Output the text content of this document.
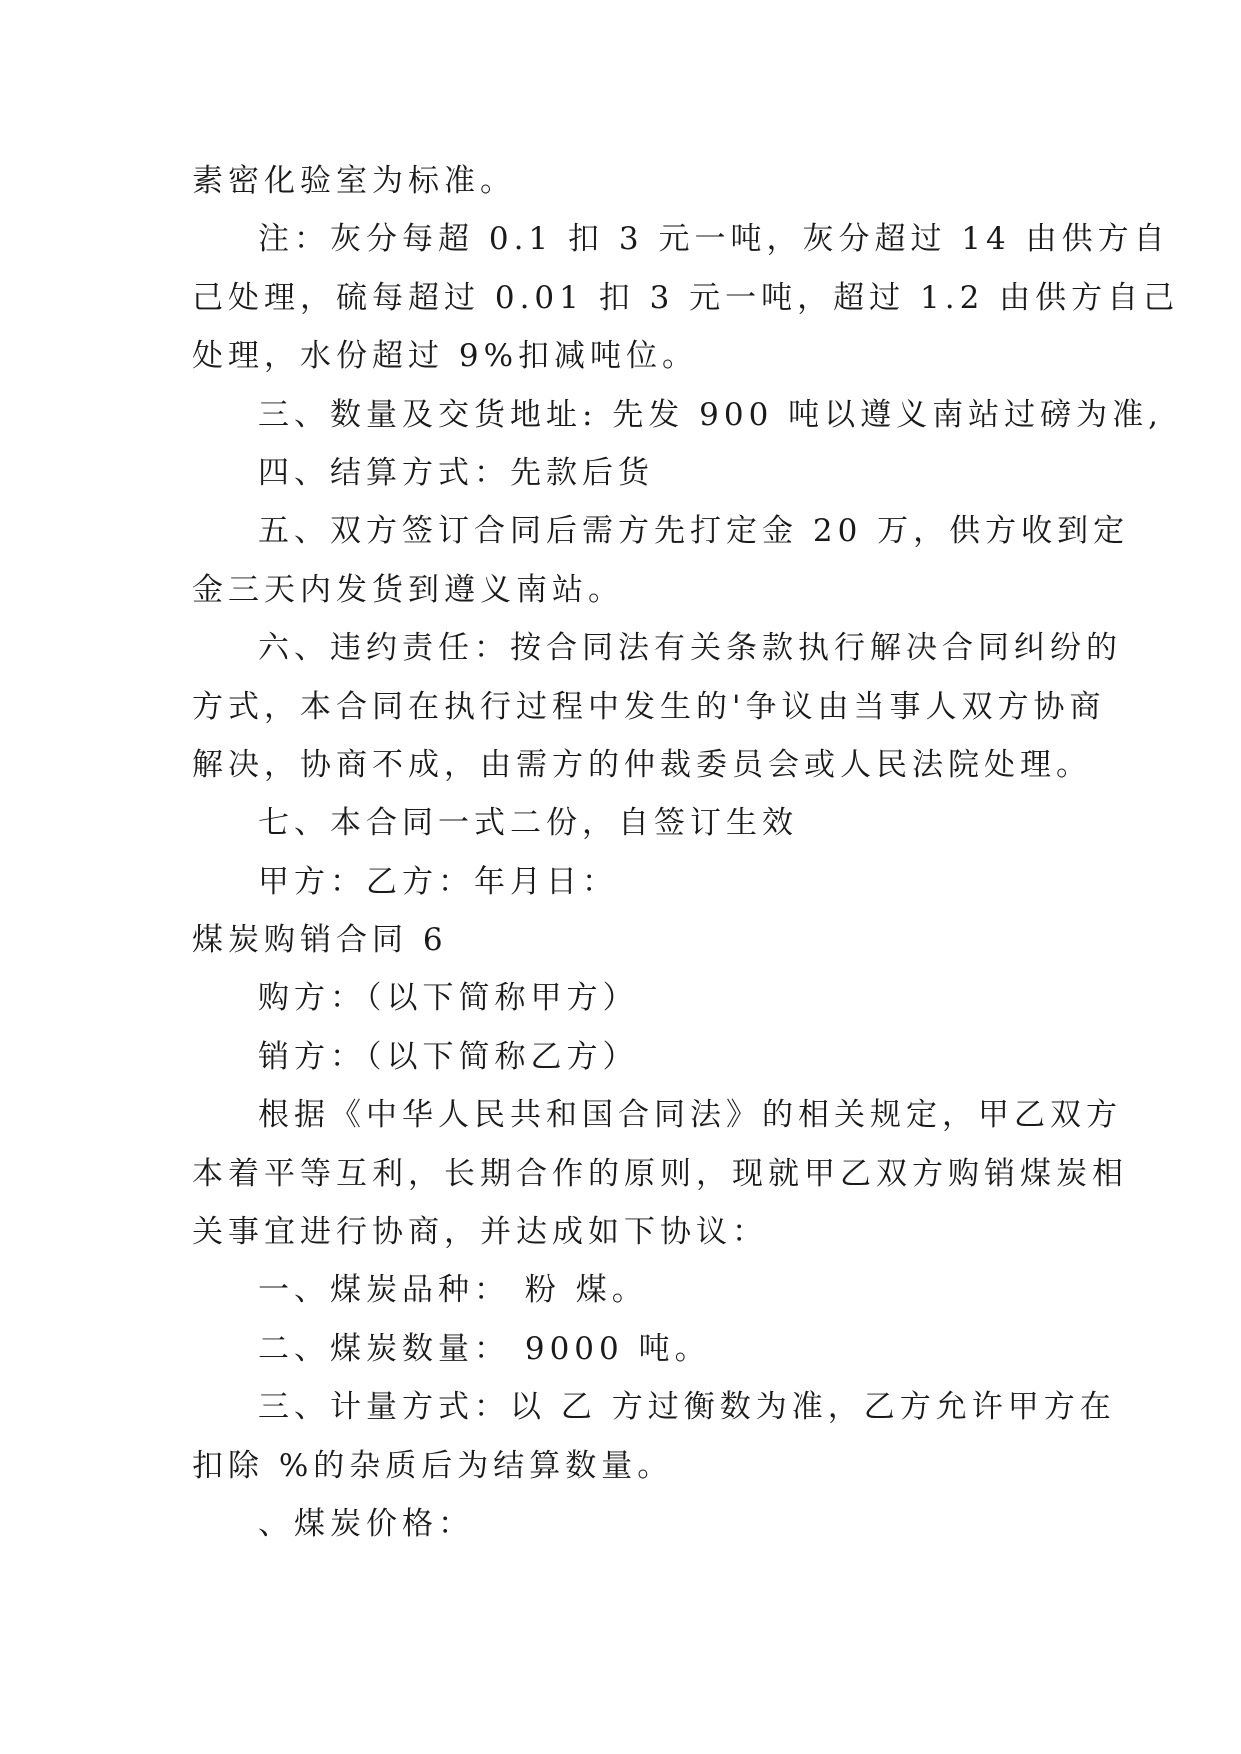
素密化验室为标准。

注：灰分每超 0.1 扣 3 元一吨，灰分超过 14 由供方自

己处理，硫每超过 0.01 扣 3 元一吨，超过 1.2 由供方自己

处理，水份超过 9%扣减吨位。

三、数量及交货地址: 先发 900 吨以遵义南站过磅为准,

四、结算方式：先款后货

五、双方签订合同后需方先打定金 20 万，供方收到定

金三天内发货到遵义南站。

六、违约责任：按合同法有关条款执行解决合同纠纷的

方式，本合同在执行过程中发生的'争议由当事人双方协商

解决，协商不成，由需方的仲裁委员会或人民法院处理。

七、本合同一式二份，自签订生效

甲方：乙方：年月日：

煤炭购销合同 6

购方：（以下简称甲方）

销方：（以下简称乙方）

根据《中华人民共和国合同法》的相关规定，甲乙双方

本着平等互利，长期合作的原则，现就甲乙双方购销煤炭相

关事宜进行协商，并达成如下协议：

一、煤炭品种： 粉 煤。

二、煤炭数量： 9000 吨。

三、计量方式：以 乙 方过衡数为准，乙方允许甲方在

扣除 %的杂质后为结算数量。

、煤炭价格：
